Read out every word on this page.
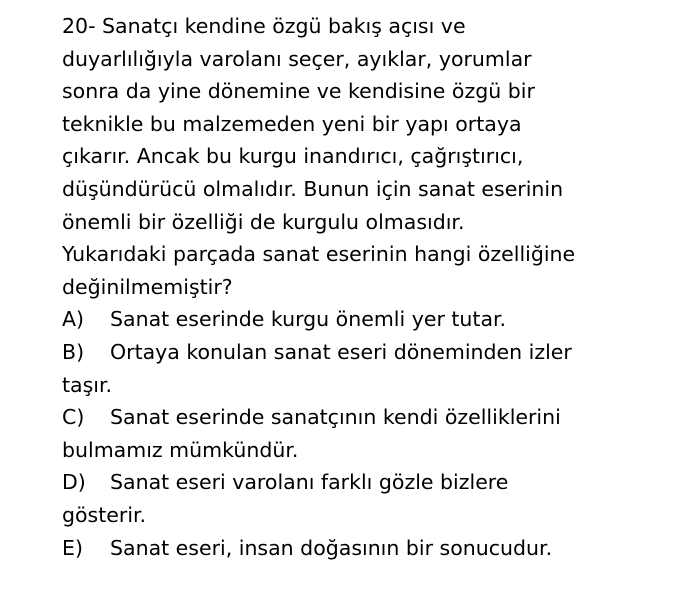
20- Sanatçı kendine özgü bakış açısı ve
duyarlılığıyla varolanı seçer, ayıklar, yorumlar
sonra da yine dönemine ve kendisine özgü bir
teknikle bu malzemeden yeni bir yapı ortaya
çıkarır. Ancak bu kurgu inandırıcı, çağrıştırıcı,
düşündürücü olmalıdır. Bunun için sanat eserinin
önemli bir özelliği de kurgulu olmasıdır.
Yukarıdaki parçada sanat eserinin hangi özelliğine
değinilmemiştir?
A) Sanat eserinde kurgu önemli yer tutar.
B) Ortaya konulan sanat eseri döneminden izler
taşır.
C) Sanat eserinde sanatçının kendi özelliklerini
bulmamız mümkündür.
D) Sanat eseri varolanı farklı gözle bizlere
gösterir.
E) Sanat eseri, insan doğasının bir sonucudur.
